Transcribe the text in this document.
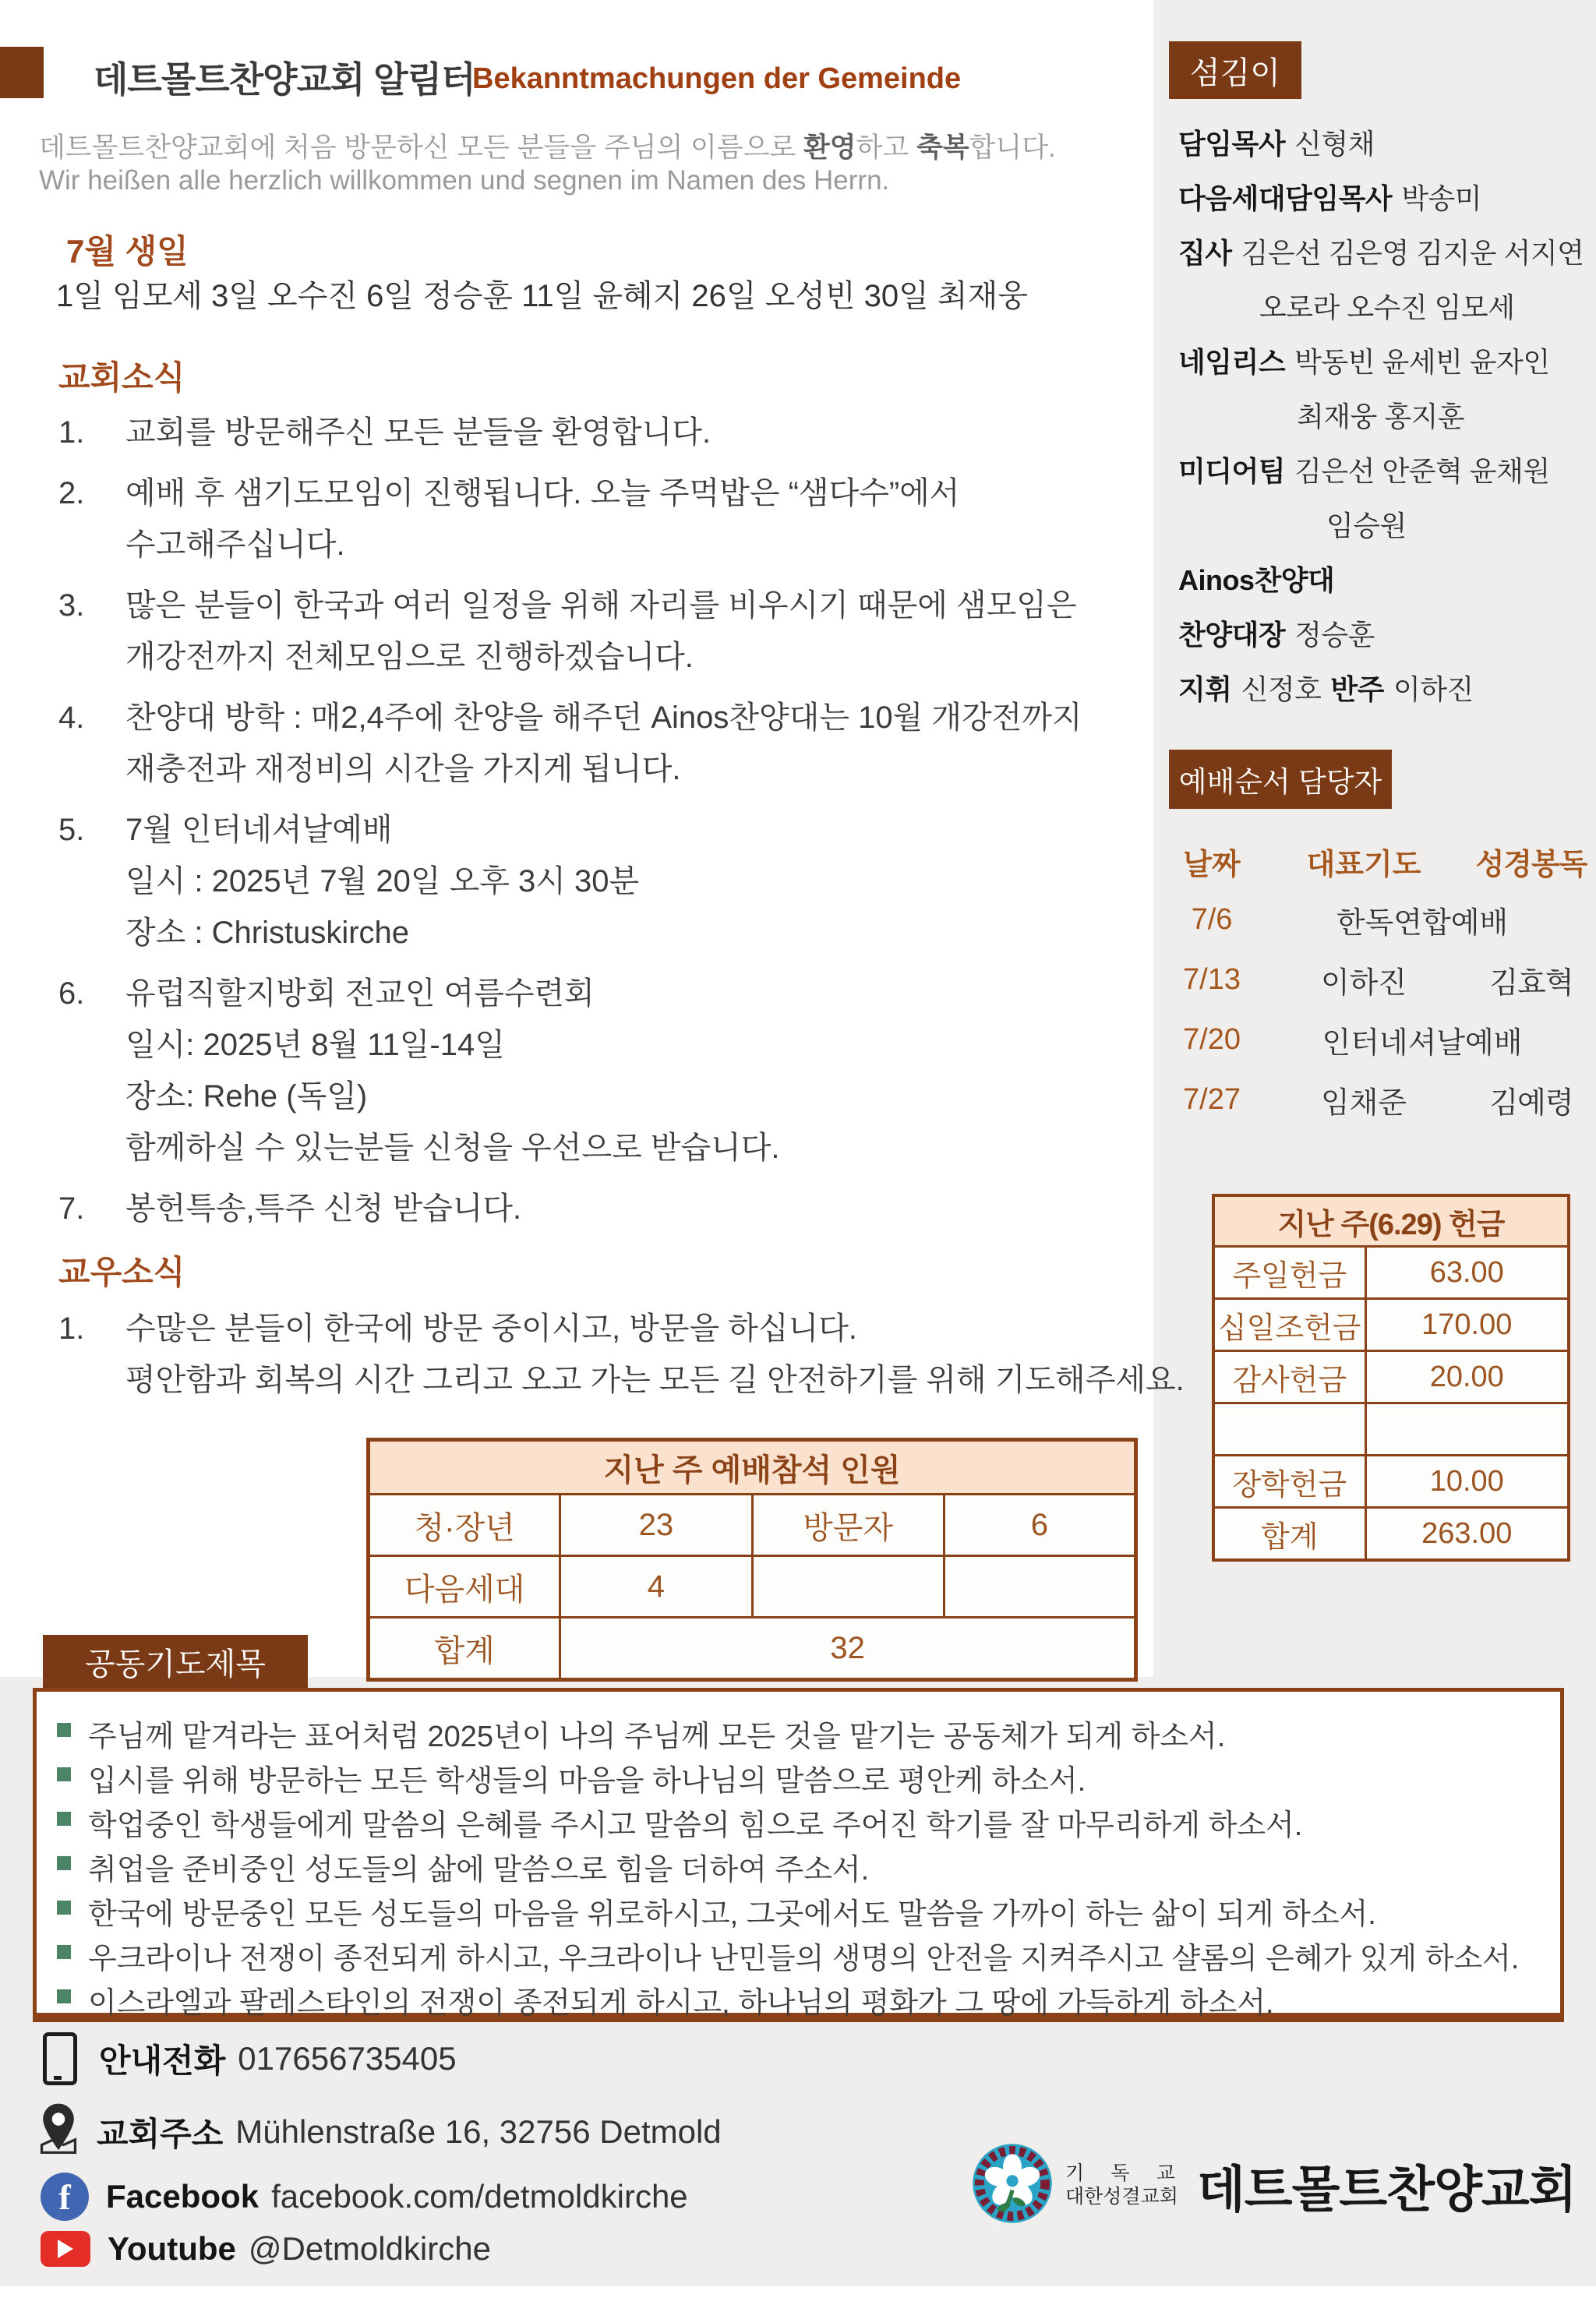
데트몰트찬양교회 알림터
Bekanntmachungen der Gemeinde
데트몰트찬양교회에 처음 방문하신 모든 분들을 주님의 이름으로 환영하고 축복합니다.
Wir heißen alle herzlich willkommen und segnen im Namen des Herrn.
7월 생일
1일 임모세 3일 오수진 6일 정승훈 11일 윤혜지 26일 오성빈 30일 최재웅
교회소식
1.	교회를 방문해주신 모든 분들을 환영합니다.
2.	예배 후 샘기도모임이 진행됩니다. 오늘 주먹밥은 “샘다수”에서
수고해주십니다.
3.	많은 분들이 한국과 여러 일정을 위해 자리를 비우시기 때문에 샘모임은
개강전까지 전체모임으로 진행하겠습니다.
4.	찬양대 방학 : 매2,4주에 찬양을 해주던 Ainos찬양대는 10월 개강전까지
재충전과 재정비의 시간을 가지게 됩니다.
5.	7월 인터네셔날예배
일시 : 2025년 7월 20일 오후 3시 30분
장소 : Christuskirche
6.	유럽직할지방회 전교인 여름수련회
일시: 2025년 8월 11일-14일
장소: Rehe (독일)
함께하실 수 있는분들 신청을 우선으로 받습니다.
7.	봉헌특송,특주 신청 받습니다.
교우소식
1.	수많은 분들이 한국에 방문 중이시고, 방문을 하십니다.
평안함과 회복의 시간 그리고 오고 가는 모든 길 안전하기를 위해 기도해주세요.
지난 주 예배참석 인원			
청·장년	23	방문자	6
다음세대	4		
합계	32		
공동기도제목
주님께 맡겨라는 표어처럼 2025년이 나의 주님께 모든 것을 맡기는 공동체가 되게 하소서.
입시를 위해 방문하는 모든 학생들의 마음을 하나님의 말씀으로 평안케 하소서.
학업중인 학생들에게 말씀의 은혜를 주시고 말씀의 힘으로 주어진 학기를 잘 마무리하게 하소서.
취업을 준비중인 성도들의 삶에 말씀으로 힘을 더하여 주소서.
한국에 방문중인 모든 성도들의 마음을 위로하시고, 그곳에서도 말씀을 가까이 하는 삶이 되게 하소서.
우크라이나 전쟁이 종전되게 하시고, 우크라이나 난민들의 생명의 안전을 지켜주시고 샬롬의 은혜가 있게 하소서.
이스라엘과 팔레스타인의 전쟁이 종전되게 하시고, 하나님의 평화가 그 땅에 가득하게 하소서.
안내전화 017656735405
교회주소 Mühlenstraße 16, 32756 Detmold
f	Facebook facebook.com/detmoldkirche
Youtube @Detmoldkirche
기 독 교
대한성결교회 데트몰트찬양교회
섬김이
담임목사 신형채
다음세대담임목사 박송미
집사 김은선 김은영 김지운 서지연
오로라 오수진 임모세
네임리스 박동빈 윤세빈 윤자인
최재웅 홍지훈
미디어팀 김은선 안준혁 윤채원
임승원
Ainos찬양대
찬양대장 정승훈
지휘 신정호 반주 이하진
예배순서 담당자
날짜	대표기도	성경봉독
7/6	한독연합예배
7/13	이하진	김효혁
7/20	인터네셔날예배
7/27	임채준	김예령
지난 주(6.29) 헌금	
주일헌금	63.00
십일조헌금	170.00
감사헌금	20.00

장학헌금	10.00
합계	263.00
